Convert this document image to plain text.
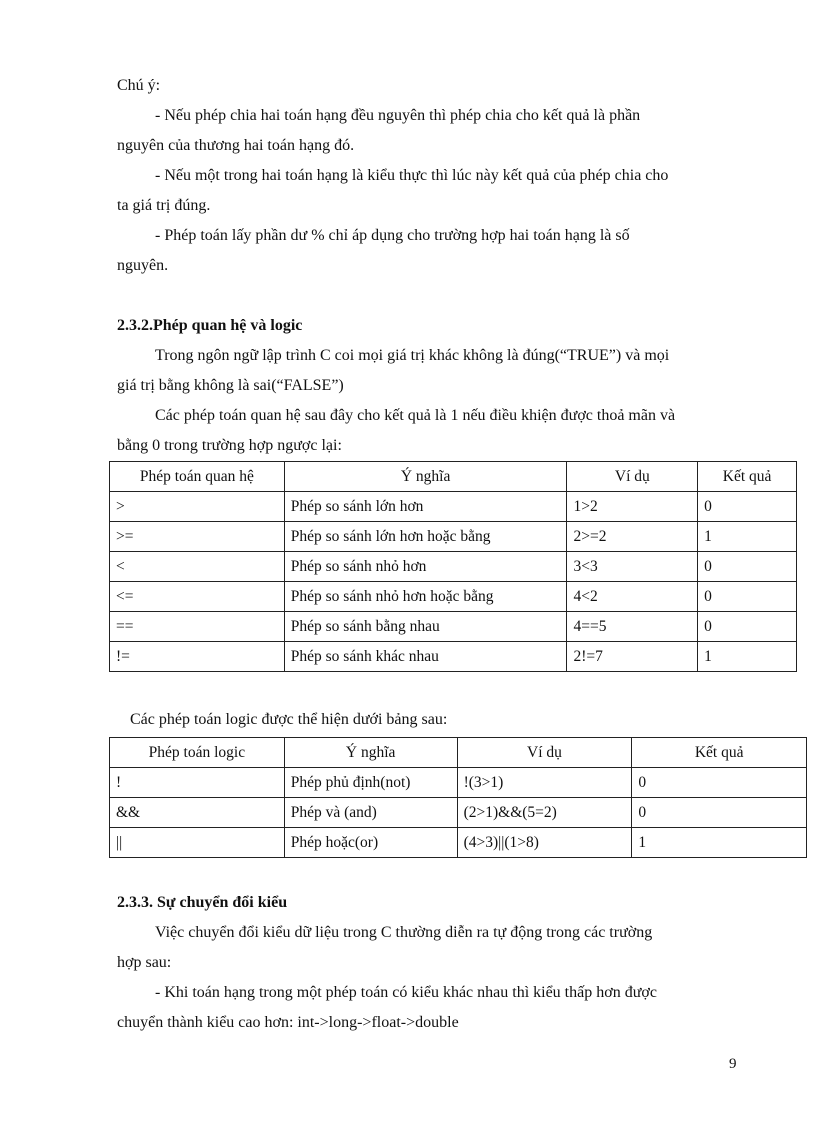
Chú ý:
- Nếu phép chia hai toán hạng đều nguyên thì phép chia cho kết quả là phần
nguyên của thương hai toán hạng đó.
- Nếu một trong hai toán hạng là kiểu thực thì lúc này kết quả của phép chia cho
ta giá trị đúng.
- Phép toán lấy phần dư % chỉ áp dụng cho trường hợp hai toán hạng là số
nguyên.
2.3.2.Phép quan hệ và logic
Trong ngôn ngữ lập trình C coi mọi giá trị khác không là đúng(“TRUE”) và mọi
giá trị bằng không là sai(“FALSE”)
Các phép toán quan hệ sau đây cho kết quả là 1 nếu điều khiện được thoả mãn và
bằng 0 trong trường hợp ngược lại:
Phép toán quan hệ	Ý nghĩa	Ví dụ	Kết quả
>	Phép so sánh lớn hơn	1>2	0
>=	Phép so sánh lớn hơn hoặc bằng	2>=2	1
<	Phép so sánh nhỏ hơn	3<3	0
<=	Phép so sánh nhỏ hơn hoặc bằng	4<2	0
==	Phép so sánh bằng nhau	4==5	0
!=	Phép so sánh khác nhau	2!=7	1
Các phép toán logic được thể hiện dưới bảng sau:
Phép toán logic	Ý nghĩa	Ví dụ	Kết quả
!	Phép phủ định(not)	!(3>1)	0
&&	Phép và (and)	(2>1)&&(5=2)	0
||	Phép hoặc(or)	(4>3)||(1>8)	1
2.3.3. Sự chuyển đổi kiểu
Việc chuyển đổi kiểu dữ liệu trong C thường diễn ra tự động trong các trường
hợp sau:
- Khi toán hạng trong một phép toán có kiểu khác nhau thì kiểu thấp hơn được
chuyển thành kiểu cao hơn: int->long->float->double
9
